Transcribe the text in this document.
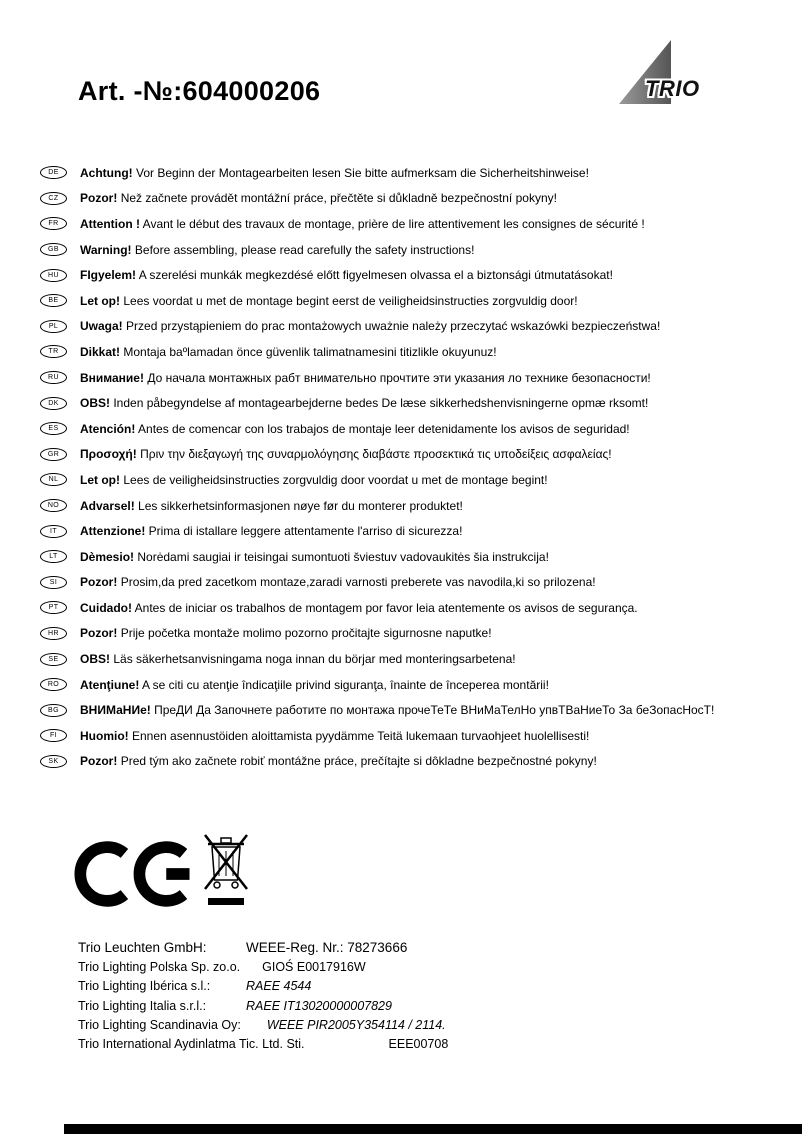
Art. -№:604000206	TRIO
DE	Achtung! Vor Beginn der Montagearbeiten lesen Sie bitte aufmerksam die Sicherheitshinweise!
CZ	Pozor! Než začnete provádět montážní práce, přečtěte si důkladně bezpečnostní pokyny!
FR	Attention ! Avant le début des travaux de montage, prière de lire attentivement les consignes de sécurité !
GB	Warning! Before assembling, please read carefully the safety instructions!
HU	FIgyelem! A szerelési munkák megkezdésé előtt figyelmesen olvassa el a biztonsági útmutatásokat!
BE	Let op! Lees voordat u met de montage begint eerst de veiligheidsinstructies zorgvuldig door!
PL	Uwaga! Przed przystąpieniem do prac montażowych uważnie należy przeczytać wskazówki bezpieczeństwa!
TR	Dikkat! Montaja baºlamadan önce güvenlik talimatnamesini titizlikle okuyunuz!
RU	Внимание! До начала монтажных рабт внимательно прочтите эти указания ло технике безопасности!
DK	OBS! Inden påbegyndelse af montagearbejderne bedes De læse sikkerhedshenvisningerne opmæ rksomt!
ES	Atención! Antes de comencar con los trabajos de montaje leer detenidamente los avisos de seguridad!
GR	Προσοχή! Πριν την διεξαγωγή της συναρμολόγησης διαβάστε προσεκτικά τις υποδείξεις ασφαλείας!
NL	Let op! Lees de veiligheidsinstructies zorgvuldig door voordat u met de montage begint!
NO	Advarsel! Les sikkerhetsinformasjonen nøye før du monterer produktet!
IT	Attenzione! Prima di istallare leggere attentamente l'arriso di sicurezza!
LT	Dèmesio! Norėdami saugiai ir teisingai sumontuoti šviestuv vadovaukitės šia instrukcija!
SI	Pozor! Prosim,da pred zacetkom montaze,zaradi varnosti preberete vas navodila,ki so prilozena!
PT	Cuidado! Antes de iniciar os trabalhos de montagem por favor leia atentemente os avisos de segurança.
HR	Pozor! Prije početka montaže molimo pozorno pročitajte sigurnosne naputke!
SE	OBS! Läs säkerhetsanvisningama noga innan du börjar med monteringsarbetena!
RO	Atenţiune! A se citi cu atenţie îndicaţiile privind siguranţa, înainte de începerea montării!
BG	ВНИМаНИе! ПреДИ Да Започнете работите по монтажа прочеТеТе ВНиМаТелНо упвТВаНиеТо За беЗопасНосТ!
FI	Huomio! Ennen asennustöiden aloittamista pyydämme Teitä lukemaan turvaohjeet huolellisesti!
SK	Pozor! Pred tým ako začnete robiť montážne práce, prečítajte si dôkladne bezpečnostné pokyny!
Trio Leuchten GmbH:	WEEE-Reg. Nr.: 78273666
Trio Lighting Polska Sp. zo.o.	GIOŚ E0017916W
Trio Lighting Ibérica s.l.:	RAEE 4544
Trio Lighting Italia s.r.l.:	RAEE IT13020000007829
Trio Lighting Scandinavia Oy:	WEEE PIR2005Y354114 / 2114.
Trio International Aydinlatma Tic. Ltd. Sti.	EEE00708
